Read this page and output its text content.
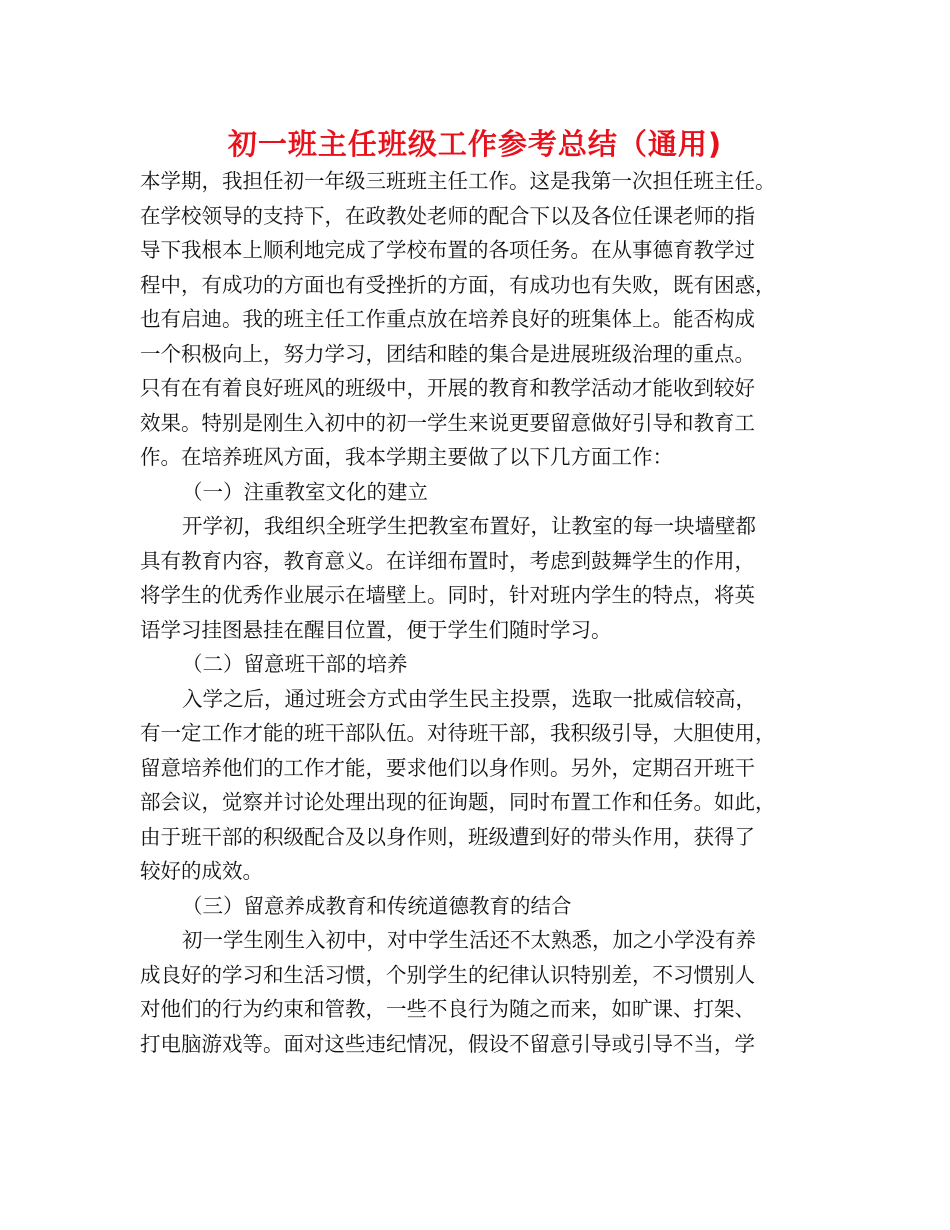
初一班主任班级工作参考总结（通用)
本学期，我担任初一年级三班班主任工作。这是我第一次担任班主任。
在学校领导的支持下，在政教处老师的配合下以及各位任课老师的指
导下我根本上顺利地完成了学校布置的各项任务。在从事德育教学过
程中，有成功的方面也有受挫折的方面，有成功也有失败，既有困惑，
也有启迪。我的班主任工作重点放在培养良好的班集体上。能否构成
一个积极向上，努力学习，团结和睦的集合是进展班级治理的重点。
只有在有着良好班风的班级中，开展的教育和教学活动才能收到较好
效果。特别是刚生入初中的初一学生来说更要留意做好引导和教育工
作。在培养班风方面，我本学期主要做了以下几方面工作：
（一）注重教室文化的建立
开学初，我组织全班学生把教室布置好，让教室的每一块墙壁都
具有教育内容，教育意义。在详细布置时，考虑到鼓舞学生的作用，
将学生的优秀作业展示在墙壁上。同时，针对班内学生的特点，将英
语学习挂图悬挂在醒目位置，便于学生们随时学习。
（二）留意班干部的培养
入学之后，通过班会方式由学生民主投票，选取一批威信较高，
有一定工作才能的班干部队伍。对待班干部，我积级引导，大胆使用，
留意培养他们的工作才能，要求他们以身作则。另外，定期召开班干
部会议，觉察并讨论处理出现的征询题，同时布置工作和任务。如此，
由于班干部的积级配合及以身作则，班级遭到好的带头作用，获得了
较好的成效。
（三）留意养成教育和传统道德教育的结合
初一学生刚生入初中，对中学生活还不太熟悉，加之小学没有养
成良好的学习和生活习惯，个别学生的纪律认识特别差，不习惯别人
对他们的行为约束和管教，一些不良行为随之而来，如旷课、打架、
打电脑游戏等。面对这些违纪情况，假设不留意引导或引导不当，学
